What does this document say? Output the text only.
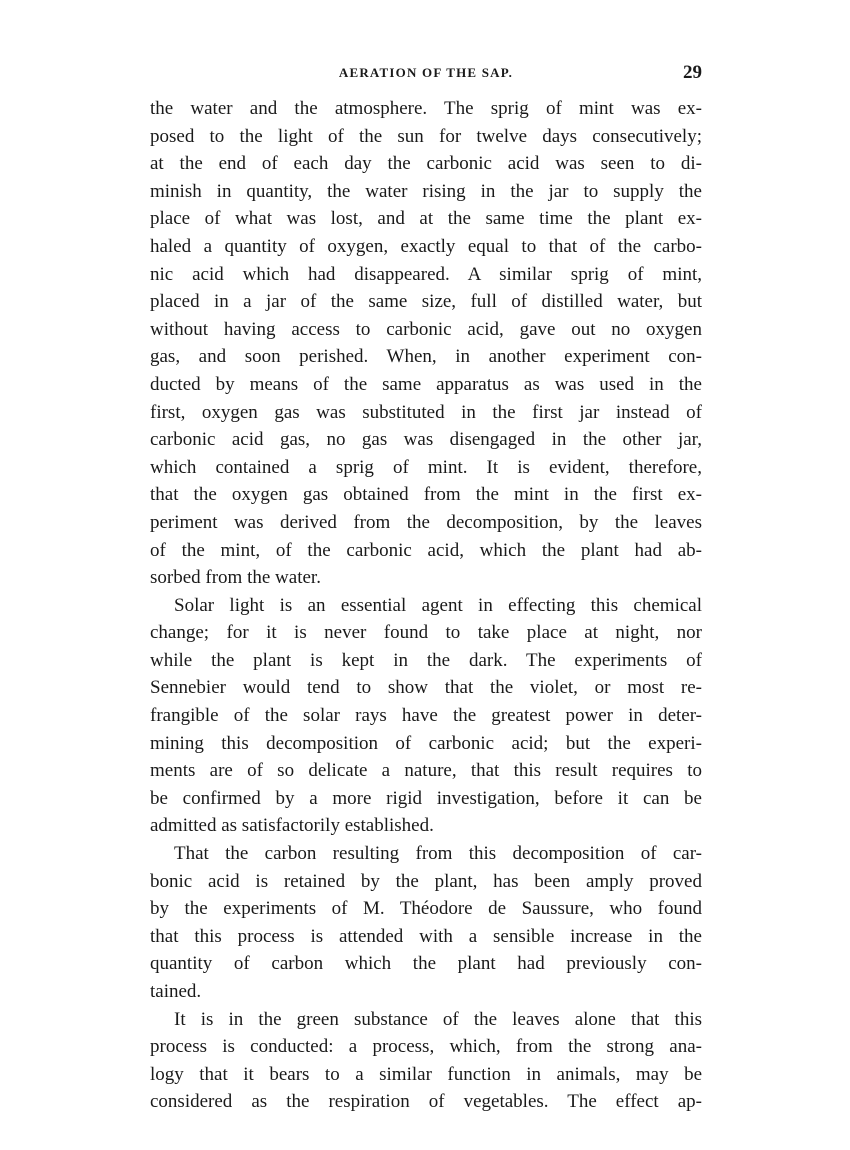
AERATION OF THE SAP.	29
the water and the atmosphere. The sprig of mint was ex-
posed to the light of the sun for twelve days consecutively;
at the end of each day the carbonic acid was seen to di-
minish in quantity, the water rising in the jar to supply the
place of what was lost, and at the same time the plant ex-
haled a quantity of oxygen, exactly equal to that of the carbo-
nic acid which had disappeared. A similar sprig of mint,
placed in a jar of the same size, full of distilled water, but
without having access to carbonic acid, gave out no oxygen
gas, and soon perished. When, in another experiment con-
ducted by means of the same apparatus as was used in the
first, oxygen gas was substituted in the first jar instead of
carbonic acid gas, no gas was disengaged in the other jar,
which contained a sprig of mint. It is evident, therefore,
that the oxygen gas obtained from the mint in the first ex-
periment was derived from the decomposition, by the leaves
of the mint, of the carbonic acid, which the plant had ab-
sorbed from the water.
Solar light is an essential agent in effecting this chemical
change; for it is never found to take place at night, nor
while the plant is kept in the dark. The experiments of
Sennebier would tend to show that the violet, or most re-
frangible of the solar rays have the greatest power in deter-
mining this decomposition of carbonic acid; but the experi-
ments are of so delicate a nature, that this result requires to
be confirmed by a more rigid investigation, before it can be
admitted as satisfactorily established.
That the carbon resulting from this decomposition of car-
bonic acid is retained by the plant, has been amply proved
by the experiments of M. Théodore de Saussure, who found
that this process is attended with a sensible increase in the
quantity of carbon which the plant had previously con-
tained.
It is in the green substance of the leaves alone that this
process is conducted: a process, which, from the strong ana-
logy that it bears to a similar function in animals, may be
considered as the respiration of vegetables. The effect ap-
